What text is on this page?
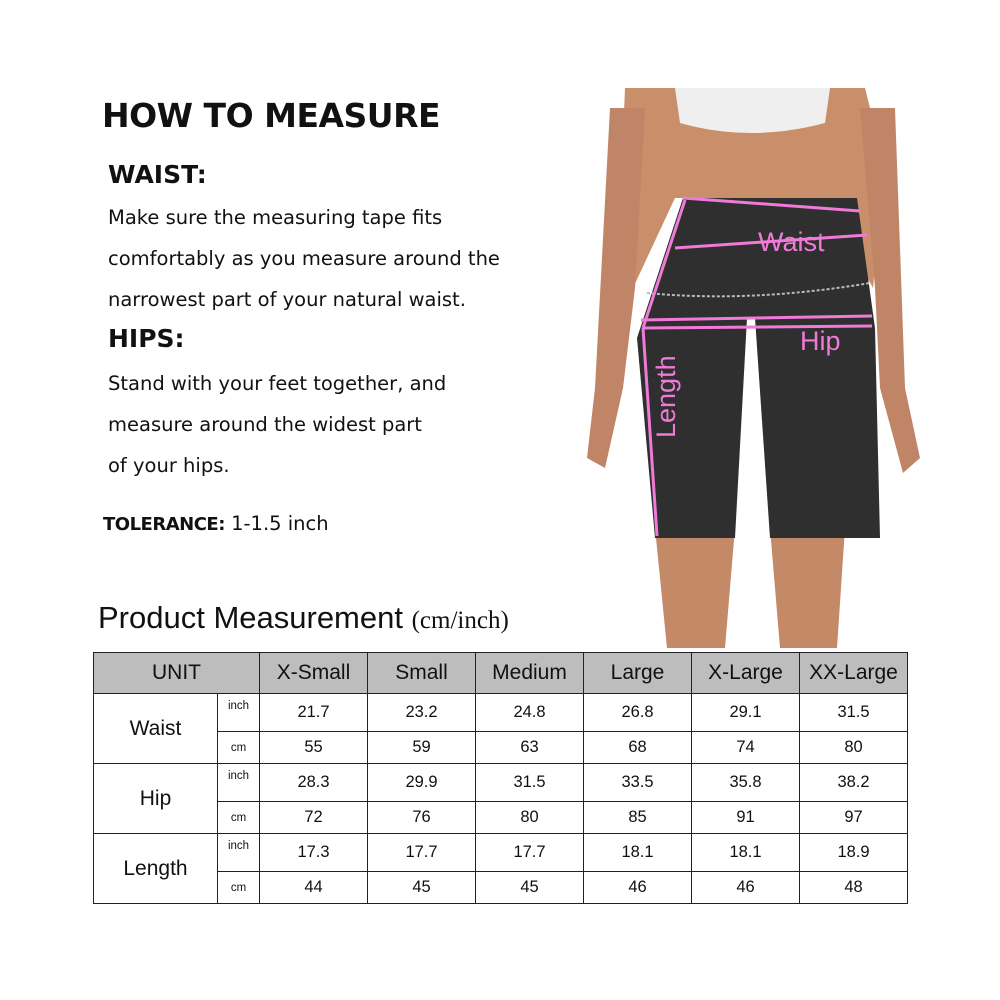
HOW TO MEASURE
WAIST:
Make sure the measuring tape fits
comfortably as you measure around the
narrowest part of your natural waist.
HIPS:
Stand with your feet together, and
measure around the widest part
of your hips.
TOLERANCE: 1-1.5 inch
Waist
Hip
Length
Product Measurement (cm/inch)
UNIT		X-Small	Small	Medium	Large	X-Large	XX-Large
Waist	inch	21.7	23.2	24.8	26.8	29.1	31.5
	cm	55	59	63	68	74	80
Hip	inch	28.3	29.9	31.5	33.5	35.8	38.2
	cm	72	76	80	85	91	97
Length	inch	17.3	17.7	17.7	18.1	18.1	18.9
	cm	44	45	45	46	46	48
